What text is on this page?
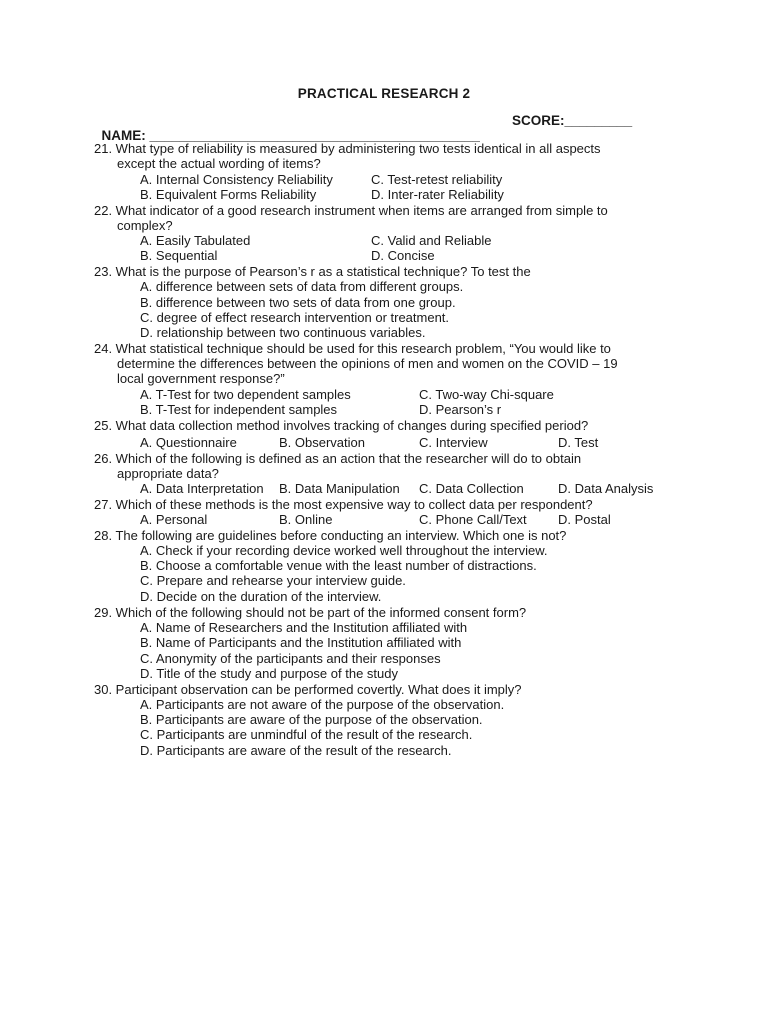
PRACTICAL RESEARCH 2

NAME: ____________________________________________

SCORE:_________

21. What type of reliability is measured by administering two tests identical in all aspects
except the actual wording of items?
A. Internal Consistency Reliability	C. Test-retest reliability
B. Equivalent Forms Reliability	D. Inter-rater Reliability
22. What indicator of a good research instrument when items are arranged from simple to
complex?
A. Easily Tabulated	C. Valid and Reliable
B. Sequential	D. Concise
23. What is the purpose of Pearson’s r as a statistical technique? To test the
A. difference between sets of data from different groups.
B. difference between two sets of data from one group.
C. degree of effect research intervention or treatment.
D. relationship between two continuous variables.
24. What statistical technique should be used for this research problem, “You would like to
determine the differences between the opinions of men and women on the COVID – 19
local government response?”
A. T-Test for two dependent samples	C. Two-way Chi-square
B. T-Test for independent samples	D. Pearson’s r
25. What data collection method involves tracking of changes during specified period?
A. Questionnaire	B. Observation	C. Interview	D. Test
26. Which of the following is defined as an action that the researcher will do to obtain
appropriate data?
A. Data Interpretation B. Data Manipulation C. Data Collection	D. Data Analysis
27. Which of these methods is the most expensive way to collect data per respondent?
A. Personal	B. Online	C. Phone Call/Text D. Postal
28. The following are guidelines before conducting an interview. Which one is not?
A. Check if your recording device worked well throughout the interview.
B. Choose a comfortable venue with the least number of distractions.
C. Prepare and rehearse your interview guide.
D. Decide on the duration of the interview.
29. Which of the following should not be part of the informed consent form?
A. Name of Researchers and the Institution affiliated with
B. Name of Participants and the Institution affiliated with
C. Anonymity of the participants and their responses
D. Title of the study and purpose of the study
30. Participant observation can be performed covertly. What does it imply?
A. Participants are not aware of the purpose of the observation.
B. Participants are aware of the purpose of the observation.
C. Participants are unmindful of the result of the research.
D. Participants are aware of the result of the research.
